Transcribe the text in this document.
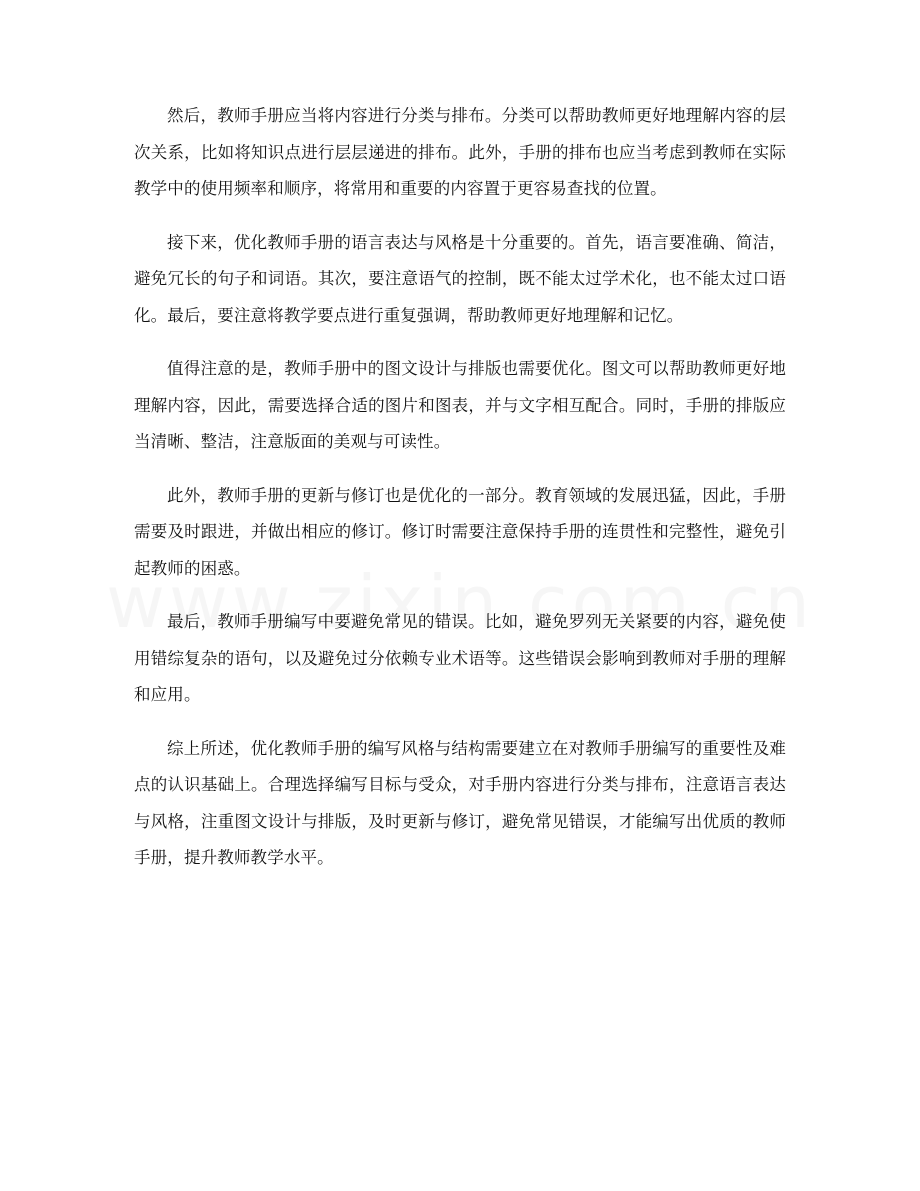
然后，教师手册应当将内容进行分类与排布。分类可以帮助教师更好地理解内容的层次关系，比如将知识点进行层层递进的排布。此外，手册的排布也应当考虑到教师在实际教学中的使用频率和顺序，将常用和重要的内容置于更容易查找的位置。

接下来，优化教师手册的语言表达与风格是十分重要的。首先，语言要准确、简洁，避免冗长的句子和词语。其次，要注意语气的控制，既不能太过学术化，也不能太过口语化。最后，要注意将教学要点进行重复强调，帮助教师更好地理解和记忆。

值得注意的是，教师手册中的图文设计与排版也需要优化。图文可以帮助教师更好地理解内容，因此，需要选择合适的图片和图表，并与文字相互配合。同时，手册的排版应当清晰、整洁，注意版面的美观与可读性。

此外，教师手册的更新与修订也是优化的一部分。教育领域的发展迅猛，因此，手册需要及时跟进，并做出相应的修订。修订时需要注意保持手册的连贯性和完整性，避免引起教师的困惑。

最后，教师手册编写中要避免常见的错误。比如，避免罗列无关紧要的内容，避免使用错综复杂的语句，以及避免过分依赖专业术语等。这些错误会影响到教师对手册的理解和应用。

综上所述，优化教师手册的编写风格与结构需要建立在对教师手册编写的重要性及难点的认识基础上。合理选择编写目标与受众，对手册内容进行分类与排布，注意语言表达与风格，注重图文设计与排版，及时更新与修订，避免常见错误，才能编写出优质的教师手册，提升教师教学水平。
